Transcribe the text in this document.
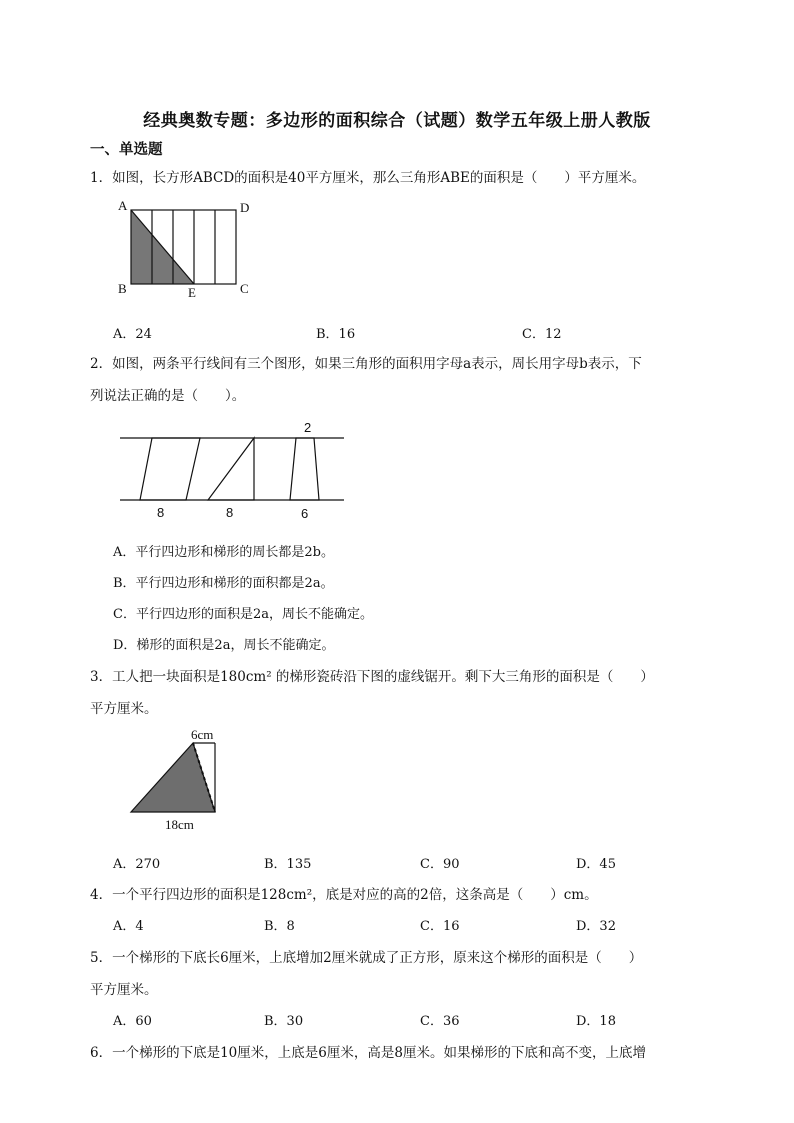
经典奥数专题：多边形的面积综合（试题）数学五年级上册人教版
一、单选题
1．如图，长方形ABCD的面积是40平方厘米，那么三角形ABE的面积是（　　）平方厘米。
A	D
B	E	C
A．24	B．16	C．12
2．如图，两条平行线间有三个图形，如果三角形的面积用字母a表示，周长用字母b表示，下
列说法正确的是（　　）。
2
8	8	6
A．平行四边形和梯形的周长都是2b。
B．平行四边形和梯形的面积都是2a。
C．平行四边形的面积是2a，周长不能确定。
D．梯形的面积是2a，周长不能确定。
3．工人把一块面积是180cm² 的梯形瓷砖沿下图的虚线锯开。剩下大三角形的面积是（　　）
平方厘米。
6cm
18cm
A．270	B．135	C．90	D．45
4．一个平行四边形的面积是128cm²，底是对应的高的2倍，这条高是（　　）cm。
A．4	B．8	C．16	D．32
5．一个梯形的下底长6厘米，上底增加2厘米就成了正方形，原来这个梯形的面积是（　　）
平方厘米。
A．60	B．30	C．36	D．18
6．一个梯形的下底是10厘米，上底是6厘米，高是8厘米。如果梯形的下底和高不变，上底增
